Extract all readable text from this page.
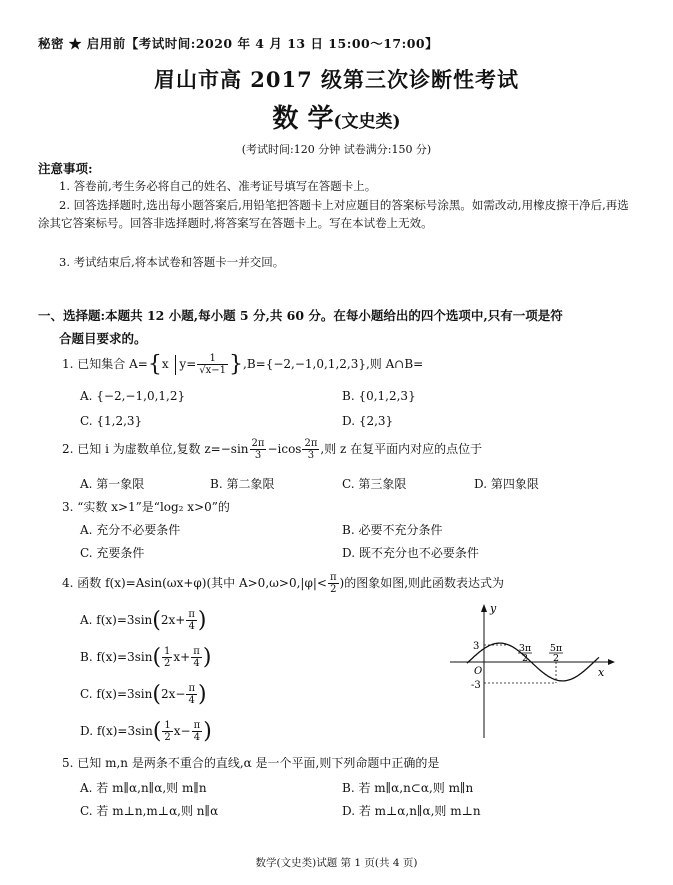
秘密 ★ 启用前【考试时间:2020 年 4 月 13 日 15:00～17:00】
眉山市高 2017 级第三次诊断性考试
数 学(文史类)
(考试时间:120 分钟 试卷满分:150 分)
注意事项:
1. 答卷前,考生务必将自己的姓名、准考证号填写在答题卡上。
2. 回答选择题时,选出每小题答案后,用铅笔把答题卡上对应题目的答案标号涂黑。如需改动,用橡皮擦干净后,再选涂其它答案标号。回答非选择题时,将答案写在答题卡上。写在本试卷上无效。
3. 考试结束后,将本试卷和答题卡一并交回。
一、选择题:本题共 12 小题,每小题 5 分,共 60 分。在每小题给出的四个选项中,只有一项是符
合题目要求的。
1. 已知集合 A={x $y= \frac{1}{√x-1} \},B=\{-2,-1,0,1,2,3\}$,则 A∩B=
A. {−2,−1,0,1,2}	B. {0,1,2,3}
C. {1,2,3}	D. {2,3}
2. 已知 i 为虚数单位,复数 $z=-\sin \frac{2\pi}{3} -icos \frac{2\pi}{3}$ ,则 z 在复平面内对应的点位于
A. 第一象限	B. 第二象限	C. 第三象限	D. 第四象限
3. “实数 x>1”是“log₂ x>0”的
A. 充分不必要条件	B. 必要不充分条件
C. 充要条件	D. 既不充分也不必要条件
4. 函数 f(x)=Asin(ωx+φ)(其中 $A>0,\omega>0,|\varphi|< \frac{\pi}{2}$ )的图象如图,则此函数表达式为
A. $f(x)=3\sin(2x+ \frac{\pi}{4}$ )
B. $f(x)=3\sin( \frac{1}{2} x+ \frac{\pi}{4}$ )
C. $f(x)=3\sin(2x- \frac{\pi}{4}$ )
D. $f(x)=3\sin( \frac{1}{2} x- \frac{\pi}{4}$ )
y
x
O
3
-3
3π
2
5π
2
5. 已知 m,n 是两条不重合的直线,α 是一个平面,则下列命题中正确的是
A. 若 m∥α,n∥α,则 m∥n	B. 若 m∥α,n⊂α,则 m∥n
C. 若 m⊥n,m⊥α,则 n∥α	D. 若 m⊥α,n∥α,则 m⊥n
数学(文史类)试题 第 1 页(共 4 页)
